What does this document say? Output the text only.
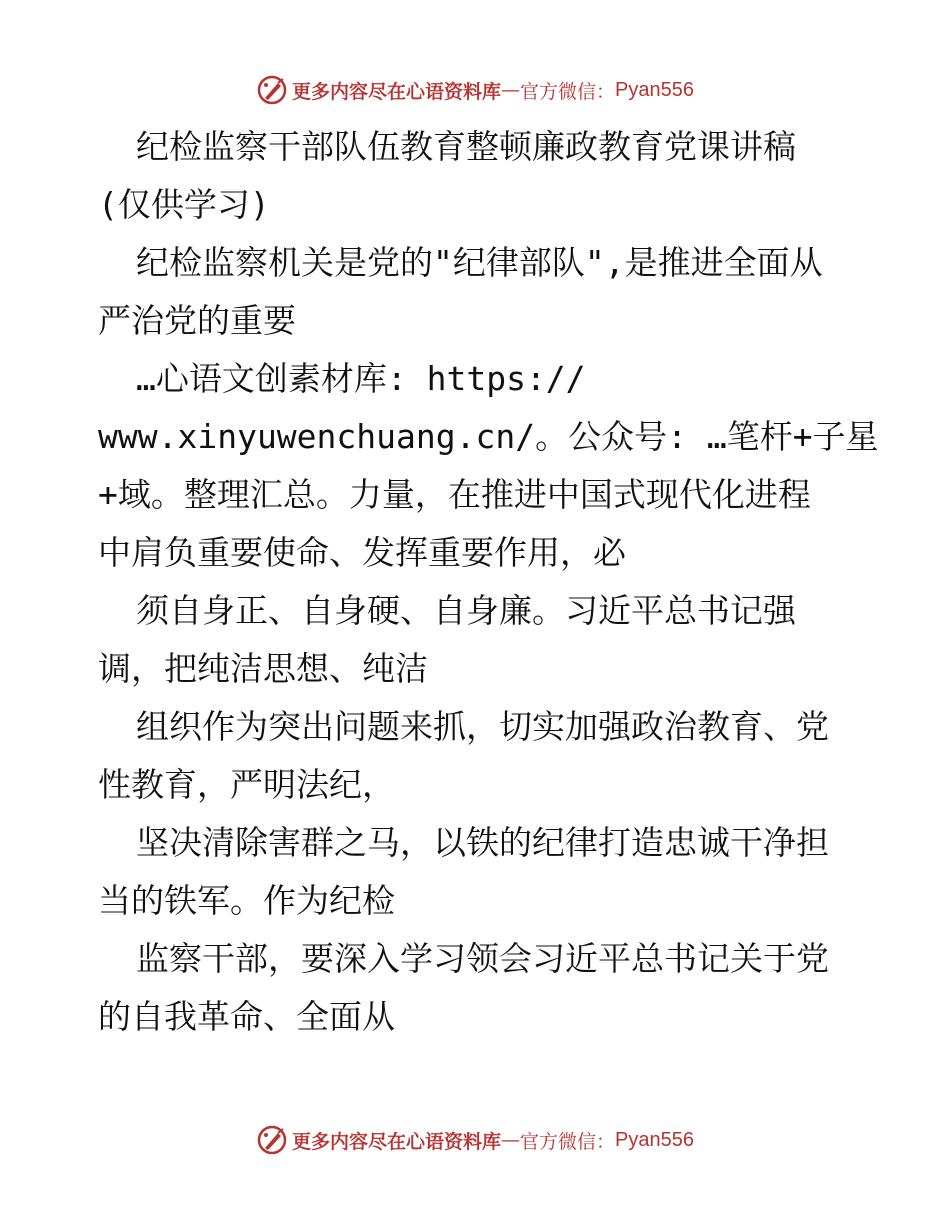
更多内容尽在心语资料库 — 官方微信： Pyan556
纪检监察干部队伍教育整顿廉政教育党课讲稿
(仅供学习)
纪检监察机关是党的"纪律部队",是推进全面从
严治党的重要
…心语文创素材库: https://
www.xinyuwenchuang.cn/。公众号: …笔杆+子星
+域。整理汇总。力量，在推进中国式现代化进程
中肩负重要使命、发挥重要作用，必
须自身正、自身硬、自身廉。习近平总书记强
调，把纯洁思想、纯洁
组织作为突出问题来抓，切实加强政治教育、党
性教育，严明法纪，
坚决清除害群之马，以铁的纪律打造忠诚干净担
当的铁军。作为纪检
监察干部，要深入学习领会习近平总书记关于党
的自我革命、全面从
更多内容尽在心语资料库 — 官方微信： Pyan556
